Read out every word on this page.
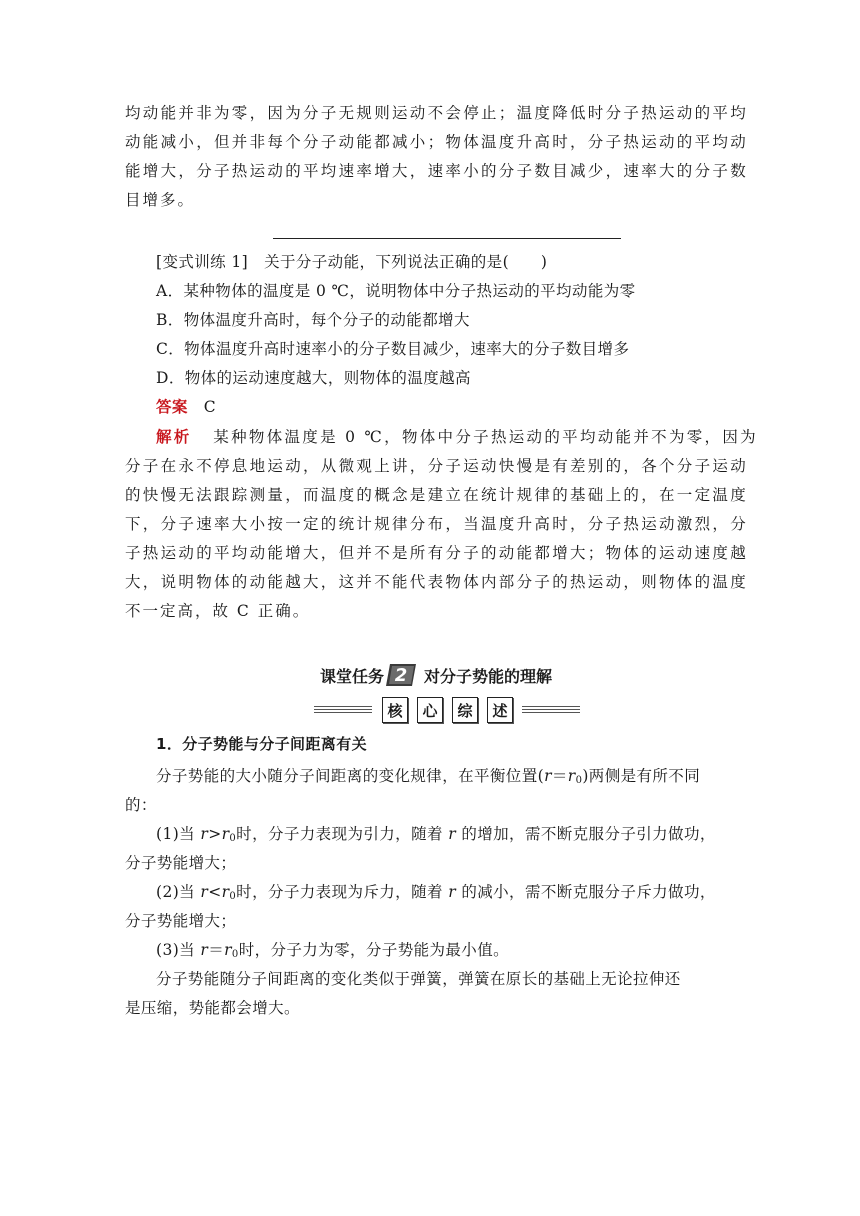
均动能并非为零，因为分子无规则运动不会停止；温度降低时分子热运动的平均
动能减小，但并非每个分子动能都减小；物体温度升高时，分子热运动的平均动
能增大，分子热运动的平均速率增大，速率小的分子数目减少，速率大的分子数
目增多。
[变式训练 1] 关于分子动能，下列说法正确的是(　　)
A．某种物体的温度是 0 ℃，说明物体中分子热运动的平均动能为零
B．物体温度升高时，每个分子的动能都增大
C．物体温度升高时速率小的分子数目减少，速率大的分子数目增多
D．物体的运动速度越大，则物体的温度越高
答案 C
解析 某种物体温度是 0 ℃，物体中分子热运动的平均动能并不为零，因为
分子在永不停息地运动，从微观上讲，分子运动快慢是有差别的，各个分子运动
的快慢无法跟踪测量，而温度的概念是建立在统计规律的基础上的，在一定温度
下，分子速率大小按一定的统计规律分布，当温度升高时，分子热运动激烈，分
子热运动的平均动能增大，但并不是所有分子的动能都增大；物体的运动速度越
大，说明物体的动能越大，这并不能代表物体内部分子的热运动，则物体的温度
不一定高，故 C 正确。
课堂任务 2 对分子势能的理解
核	心	综	述
1．分子势能与分子间距离有关
分子势能的大小随分子间距离的变化规律，在平衡位置$(r=r_0)$两侧是有所不同
的：
(1)当 $r>r_0$时，分子力表现为引力，随着 r 的增加，需不断克服分子引力做功，
分子势能增大；
(2)当 $r<r_0$时，分子力表现为斥力，随着 r 的减小，需不断克服分子斥力做功，
分子势能增大；
(3)当 $r=r_0$时，分子力为零，分子势能为最小值。
分子势能随分子间距离的变化类似于弹簧，弹簧在原长的基础上无论拉伸还
是压缩，势能都会增大。
